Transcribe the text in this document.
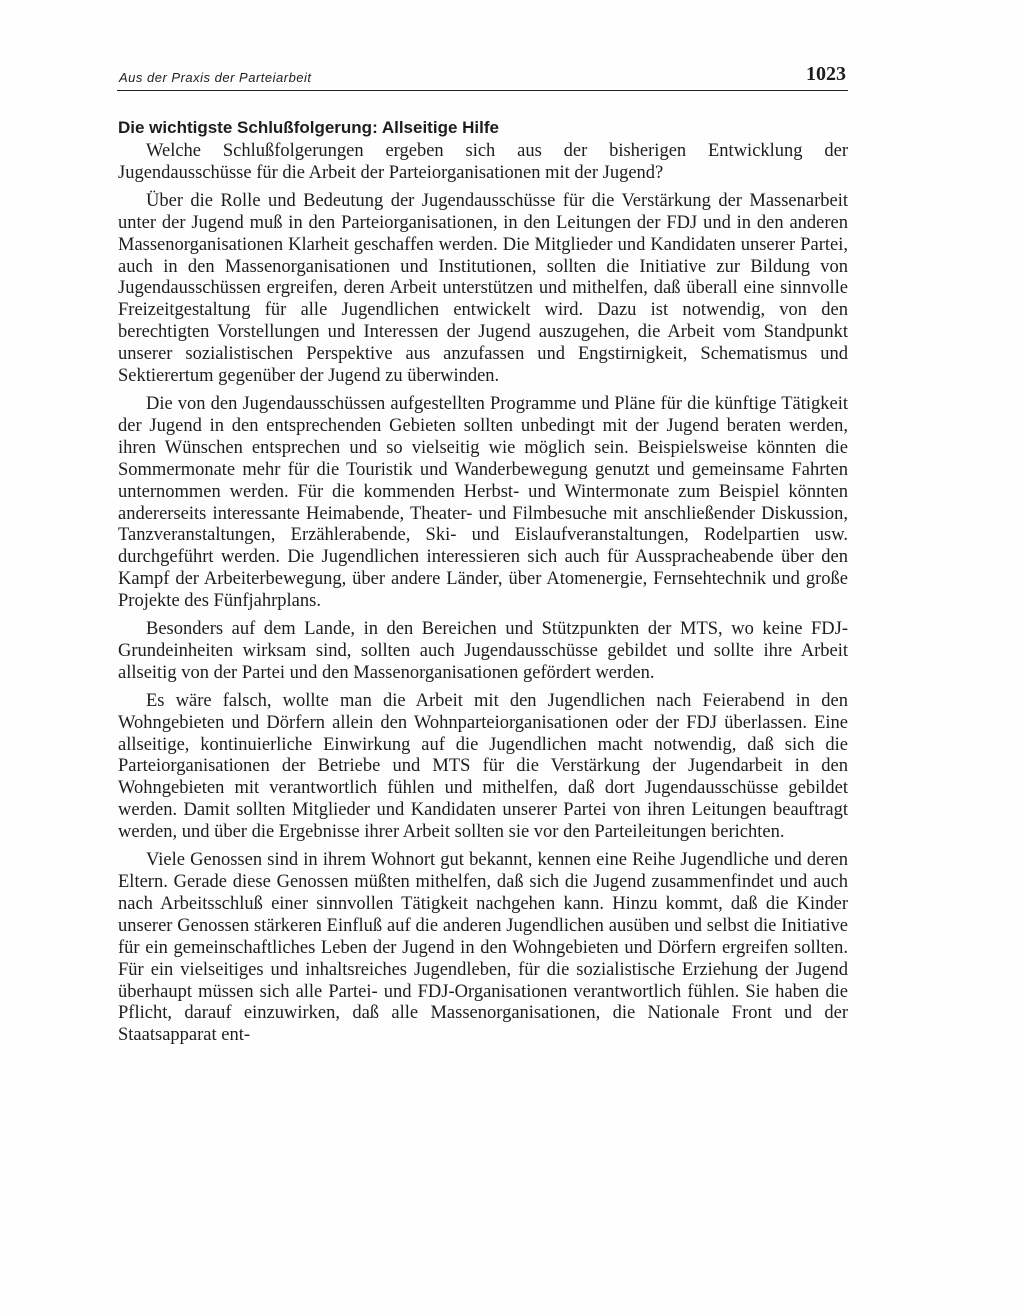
Aus der Praxis der Parteiarbeit	1023
Die wichtigste Schlußfolgerung: Allseitige Hilfe

Welche Schlußfolgerungen ergeben sich aus der bisherigen Entwicklung der Jugendausschüsse für die Arbeit der Parteiorganisationen mit der Jugend?

Über die Rolle und Bedeutung der Jugendausschüsse für die Verstärkung der Massenarbeit unter der Jugend muß in den Parteiorganisationen, in den Leitungen der FDJ und in den anderen Massenorganisationen Klarheit geschaffen werden. Die Mitglieder und Kandidaten unserer Partei, auch in den Massenorganisationen und Institutionen, sollten die Initiative zur Bildung von Jugendausschüssen ergreifen, deren Arbeit unterstützen und mithelfen, daß überall eine sinnvolle Freizeitgestaltung für alle Jugendlichen entwickelt wird. Dazu ist notwendig, von den berechtigten Vorstellungen und Interessen der Jugend auszugehen, die Arbeit vom Standpunkt unserer sozialistischen Perspektive aus anzufassen und Engstirnigkeit, Schematismus und Sektierertum gegenüber der Jugend zu überwinden.

Die von den Jugendausschüssen aufgestellten Programme und Pläne für die künftige Tätigkeit der Jugend in den entsprechenden Gebieten sollten unbedingt mit der Jugend beraten werden, ihren Wünschen entsprechen und so vielseitig wie möglich sein. Beispielsweise könnten die Sommermonate mehr für die Touristik und Wanderbewegung genutzt und gemeinsame Fahrten unternommen werden. Für die kommenden Herbst- und Wintermonate zum Beispiel könnten andererseits interessante Heimabende, Theater- und Filmbesuche mit anschließender Diskussion, Tanzveranstaltungen, Erzählerabende, Ski- und Eislaufveranstaltungen, Rodelpartien usw. durchgeführt werden. Die Jugendlichen interessieren sich auch für Ausspracheabende über den Kampf der Arbeiterbewegung, über andere Länder, über Atomenergie, Fernsehtechnik und große Projekte des Fünfjahrplans.

Besonders auf dem Lande, in den Bereichen und Stützpunkten der MTS, wo keine FDJ-Grundeinheiten wirksam sind, sollten auch Jugendausschüsse gebildet und sollte ihre Arbeit allseitig von der Partei und den Massenorganisationen gefördert werden.

Es wäre falsch, wollte man die Arbeit mit den Jugendlichen nach Feierabend in den Wohngebieten und Dörfern allein den Wohnparteiorganisationen oder der FDJ überlassen. Eine allseitige, kontinuierliche Einwirkung auf die Jugendlichen macht notwendig, daß sich die Parteiorganisationen der Betriebe und MTS für die Verstärkung der Jugendarbeit in den Wohngebieten mit verantwortlich fühlen und mithelfen, daß dort Jugendausschüsse gebildet werden. Damit sollten Mitglieder und Kandidaten unserer Partei von ihren Leitungen beauftragt werden, und über die Ergebnisse ihrer Arbeit sollten sie vor den Parteileitungen berichten.

Viele Genossen sind in ihrem Wohnort gut bekannt, kennen eine Reihe Jugendliche und deren Eltern. Gerade diese Genossen müßten mithelfen, daß sich die Jugend zusammenfindet und auch nach Arbeitsschluß einer sinnvollen Tätigkeit nachgehen kann. Hinzu kommt, daß die Kinder unserer Genossen stärkeren Einfluß auf die anderen Jugendlichen ausüben und selbst die Initiative für ein gemeinschaftliches Leben der Jugend in den Wohngebieten und Dörfern ergreifen sollten. Für ein vielseitiges und inhaltsreiches Jugendleben, für die sozialistische Erziehung der Jugend überhaupt müssen sich alle Partei- und FDJ-Organisationen verantwortlich fühlen. Sie haben die Pflicht, darauf einzuwirken, daß alle Massenorganisationen, die Nationale Front und der Staatsapparat ent-
